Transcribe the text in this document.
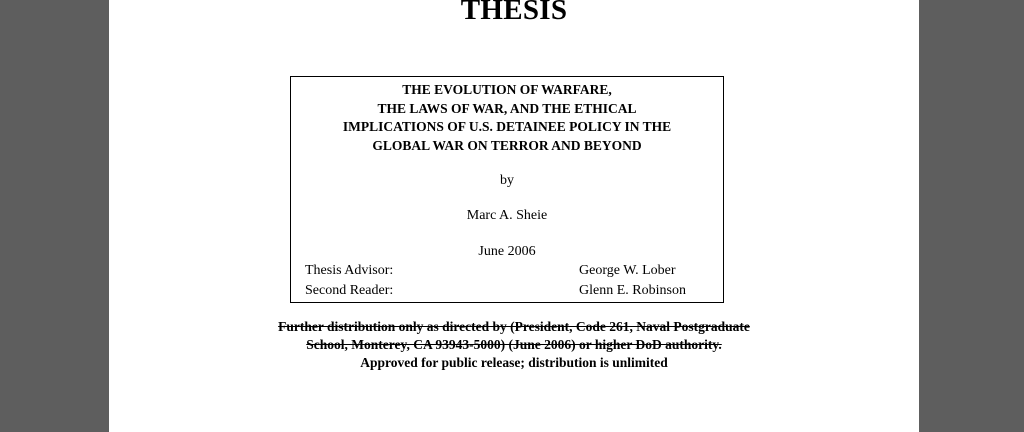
THESIS
THE EVOLUTION OF WARFARE,
THE LAWS OF WAR, AND THE ETHICAL
IMPLICATIONS OF U.S. DETAINEE POLICY IN THE
GLOBAL WAR ON TERROR AND BEYOND
by
Marc A. Sheie
June 2006
Thesis Advisor:	George W. Lober
Second Reader:	Glenn E. Robinson
Further distribution only as directed by (President, Code 261, Naval Postgraduate
School, Monterey, CA 93943-5000) (June 2006) or higher DoD authority.
Approved for public release; distribution is unlimited
